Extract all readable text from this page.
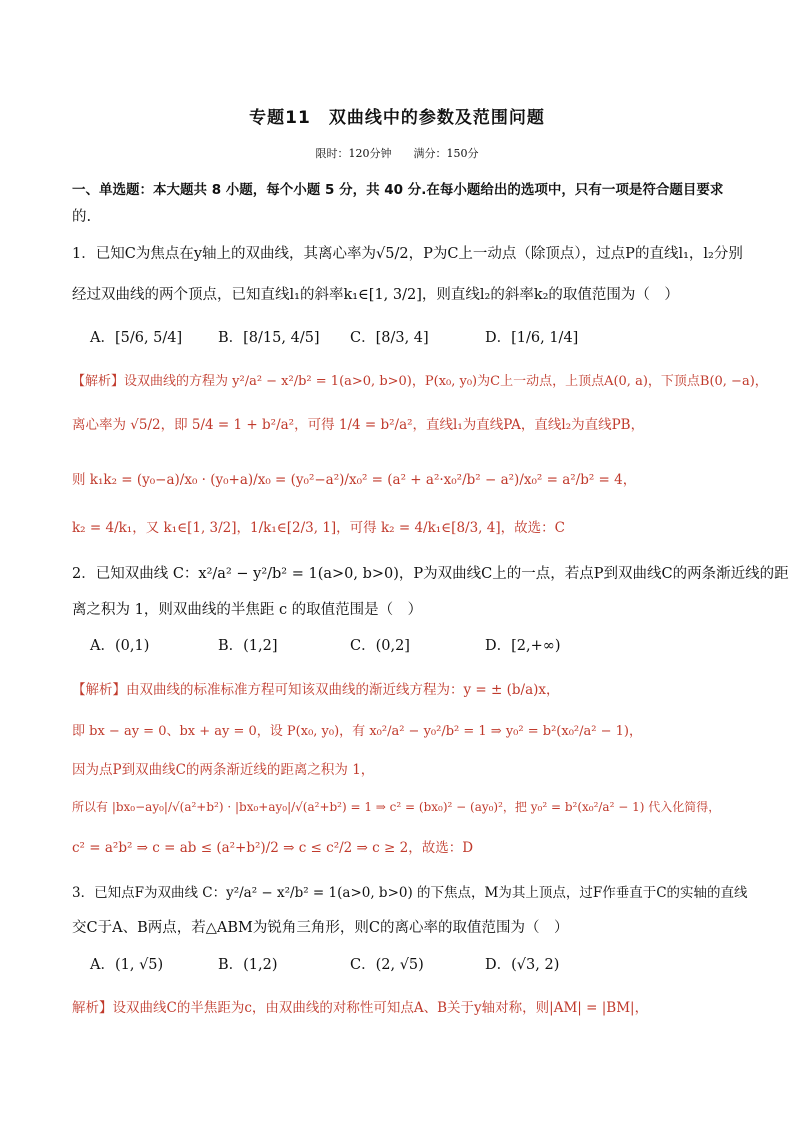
专题11　双曲线中的参数及范围问题
限时：120分钟　　满分：150分
一、单选题：本大题共 8 小题，每个小题 5 分，共 40 分.在每小题给出的选项中，只有一项是符合题目要求
的.
1．已知C为焦点在y轴上的双曲线，其离心率为√5/2，P为C上一动点（除顶点），过点P的直线l₁，l₂分别
经过双曲线的两个顶点，已知直线l₁的斜率k₁∈[1, 3/2]，则直线l₂的斜率k₂的取值范围为（　）
A．[5/6, 5/4] B．[8/15, 4/5] C．[8/3, 4]	D．[1/6, 1/4]
【解析】设双曲线的方程为 y²/a² − x²/b² = 1(a>0, b>0)，P(x₀, y₀)为C上一动点，上顶点A(0, a)，下顶点B(0, −a)，
离心率为 √5/2，即 5/4 = 1 + b²/a²，可得 1/4 = b²/a²，直线l₁为直线PA，直线l₂为直线PB，
则 k₁k₂ = (y₀−a)/x₀ · (y₀+a)/x₀ = (y₀²−a²)/x₀² = (a² + a²·x₀²/b² − a²)/x₀² = a²/b² = 4，
k₂ = 4/k₁，又 k₁∈[1, 3/2]，1/k₁∈[2/3, 1]，可得 k₂ = 4/k₁∈[8/3, 4]，故选：C
2．已知双曲线 C：x²/a² − y²/b² = 1(a>0, b>0)，P为双曲线C上的一点，若点P到双曲线C的两条渐近线的距
离之积为 1，则双曲线的半焦距 c 的取值范围是（　）
A．(0,1)	B．(1,2]	C．(0,2]	D．[2,+∞)
【解析】由双曲线的标准标准方程可知该双曲线的渐近线方程为：y = ± (b/a)x，
即 bx − ay = 0、bx + ay = 0，设 P(x₀, y₀)，有 x₀²/a² − y₀²/b² = 1 ⇒ y₀² = b²(x₀²/a² − 1)，
因为点P到双曲线C的两条渐近线的距离之积为 1，
所以有 |bx₀−ay₀|/√(a²+b²) · |bx₀+ay₀|/√(a²+b²) = 1 ⇒ c² = (bx₀)² − (ay₀)²，把 y₀² = b²(x₀²/a² − 1) 代入化简得，
c² = a²b² ⇒ c = ab ≤ (a²+b²)/2 ⇒ c ≤ c²/2 ⇒ c ≥ 2，故选：D
3．已知点F为双曲线 C：y²/a² − x²/b² = 1(a>0, b>0) 的下焦点，M为其上顶点，过F作垂直于C的实轴的直线
交C于A、B两点，若△ABM为锐角三角形，则C的离心率的取值范围为（　）
A．(1, √5)	B．(1,2)	C．(2, √5)	D．(√3, 2)
解析】设双曲线C的半焦距为c，由双曲线的对称性可知点A、B关于y轴对称，则|AM| = |BM|，
